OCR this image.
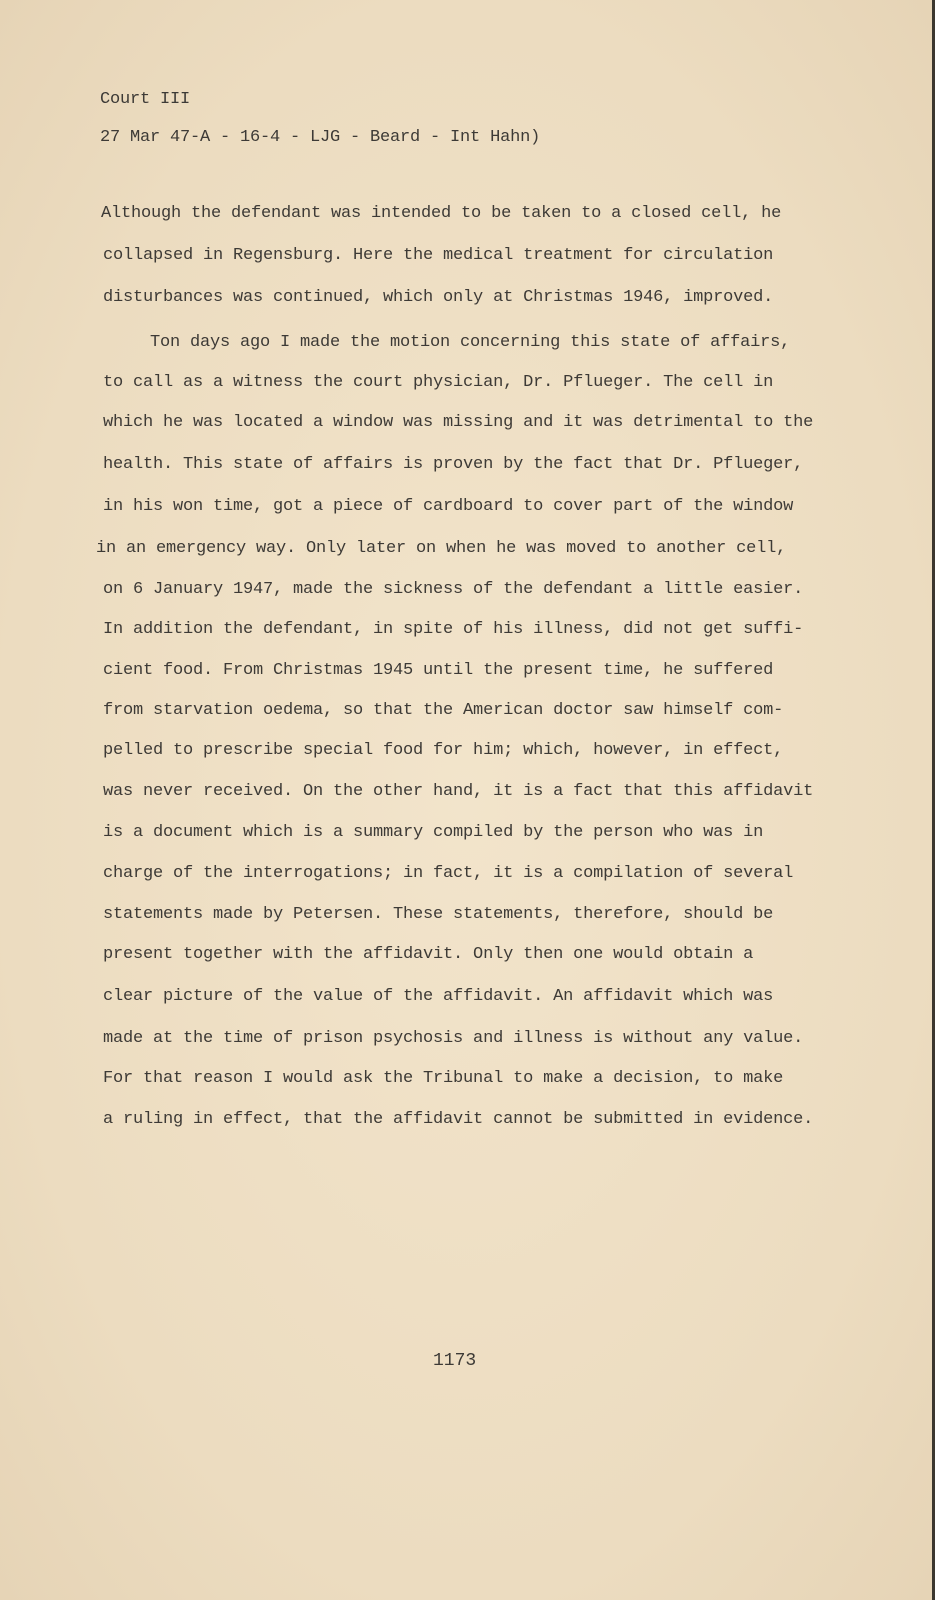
Court III
27 Mar 47-A - 16-4 - LJG - Beard - Int Hahn)
Although the defendant was intended to be taken to a closed cell, he
collapsed in Regensburg. Here the medical treatment for circulation
disturbances was continued, which only at Christmas 1946, improved.
Ton days ago I made the motion concerning this state of affairs,
to call as a witness the court physician, Dr. Pflueger. The cell in
which he was located a window was missing and it was detrimental to the
health. This state of affairs is proven by the fact that Dr. Pflueger,
in his won time, got a piece of cardboard to cover part of the window
in an emergency way. Only later on when he was moved to another cell,
on 6 January 1947, made the sickness of the defendant a little easier.
In addition the defendant, in spite of his illness, did not get suffi-
cient food. From Christmas 1945 until the present time, he suffered
from starvation oedema, so that the American doctor saw himself com-
pelled to prescribe special food for him; which, however, in effect,
was never received. On the other hand, it is a fact that this affidavit
is a document which is a summary compiled by the person who was in
charge of the interrogations; in fact, it is a compilation of several
statements made by Petersen. These statements, therefore, should be
present together with the affidavit. Only then one would obtain a
clear picture of the value of the affidavit. An affidavit which was
made at the time of prison psychosis and illness is without any value.
For that reason I would ask the Tribunal to make a decision, to make
a ruling in effect, that the affidavit cannot be submitted in evidence.
1173
